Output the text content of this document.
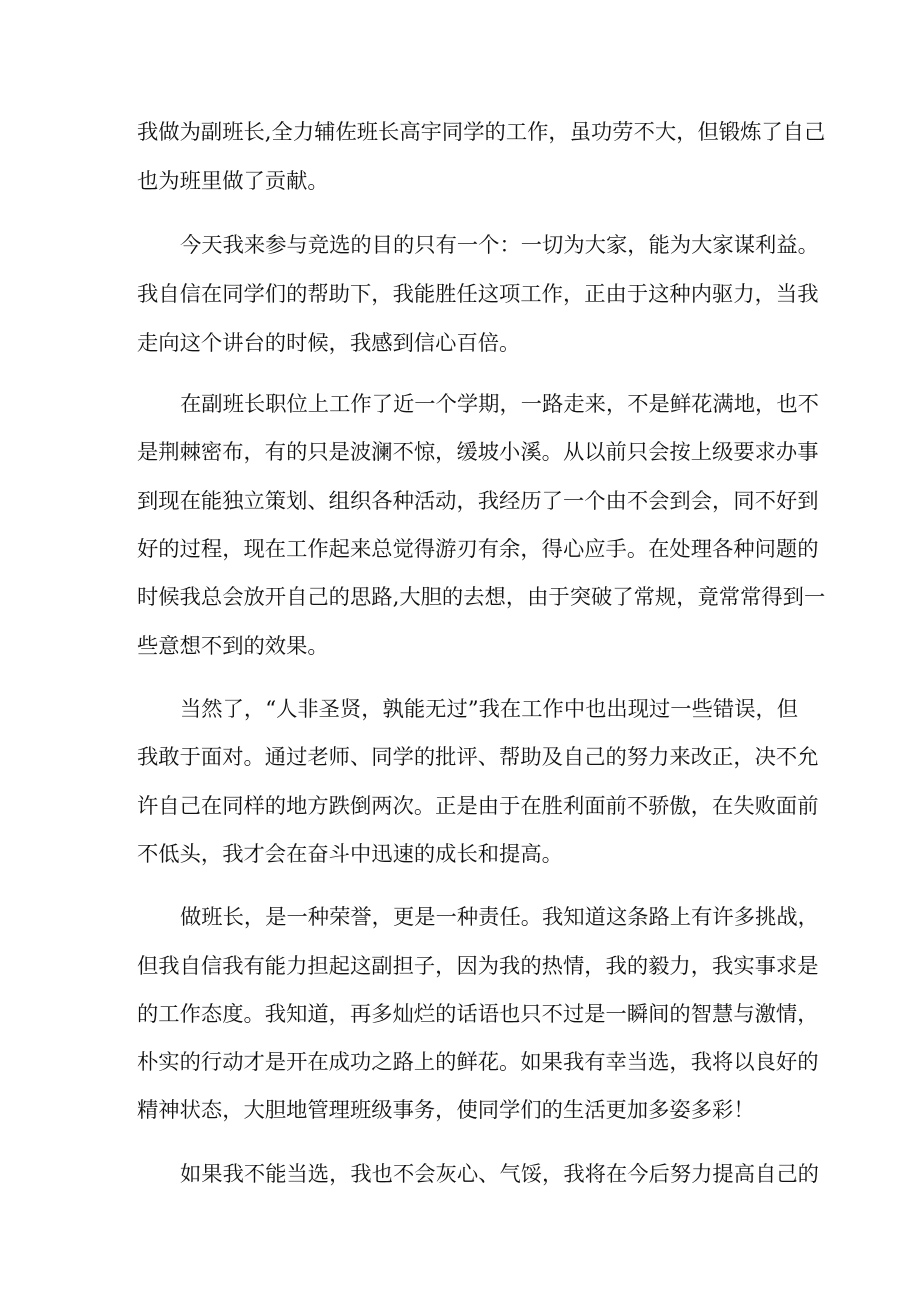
我做为副班长,全力辅佐班长高宇同学的工作，虽功劳不大，但锻炼了自己
也为班里做了贡献。
今天我来参与竞选的目的只有一个：一切为大家，能为大家谋利益。
我自信在同学们的帮助下，我能胜任这项工作，正由于这种内驱力，当我
走向这个讲台的时候，我感到信心百倍。
在副班长职位上工作了近一个学期，一路走来，不是鲜花满地，也不
是荆棘密布，有的只是波澜不惊，缓坡小溪。从以前只会按上级要求办事
到现在能独立策划、组织各种活动，我经历了一个由不会到会，同不好到
好的过程，现在工作起来总觉得游刃有余，得心应手。在处理各种问题的
时候我总会放开自己的思路,大胆的去想，由于突破了常规，竟常常得到一
些意想不到的效果。
当然了，“人非圣贤，孰能无过”我在工作中也出现过一些错误，但
我敢于面对。通过老师、同学的批评、帮助及自己的努力来改正，决不允
许自己在同样的地方跌倒两次。正是由于在胜利面前不骄傲，在失败面前
不低头，我才会在奋斗中迅速的成长和提高。
做班长，是一种荣誉，更是一种责任。我知道这条路上有许多挑战，
但我自信我有能力担起这副担子，因为我的热情，我的毅力，我实事求是
的工作态度。我知道，再多灿烂的话语也只不过是一瞬间的智慧与激情，
朴实的行动才是开在成功之路上的鲜花。如果我有幸当选，我将以良好的
精神状态，大胆地管理班级事务，使同学们的生活更加多姿多彩！
如果我不能当选，我也不会灰心、气馁，我将在今后努力提高自己的
